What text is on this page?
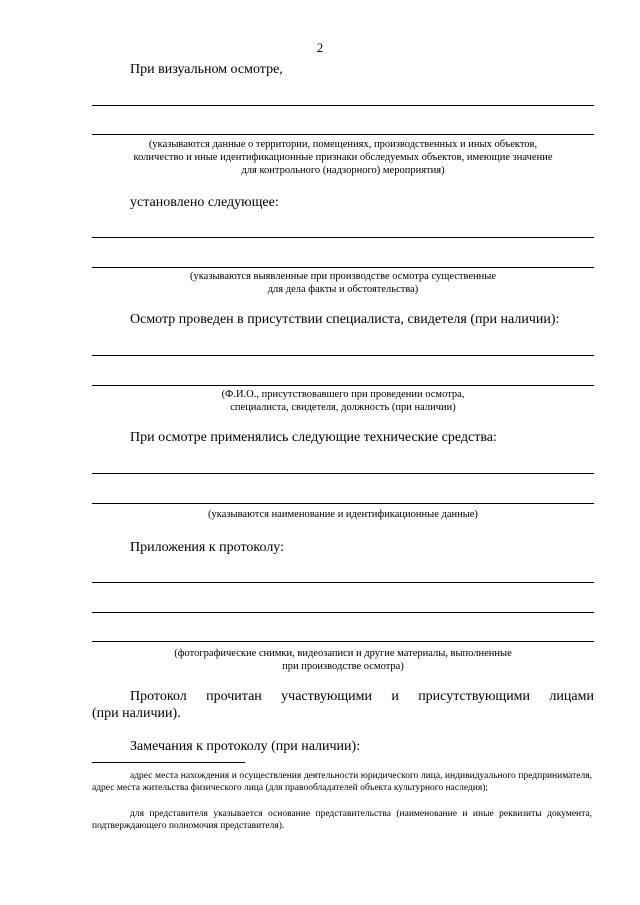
2
При визуальном осмотре,
(указываются данные о территории, помещениях, производственных и иных объектов,
количество и иные идентификационные признаки обследуемых объектов, имеющие значение
для контрольного (надзорного) мероприятия)
установлено следующее:
(указываются выявленные при производстве осмотра существенные
для дела факты и обстоятельства)
Осмотр проведен в присутствии специалиста, свидетеля (при наличии):
(Ф.И.О., присутствовавшего при проведении осмотра,
специалиста, свидетеля, должность (при наличии)
При осмотре применялись следующие технические средства:
(указываются наименование и идентификационные данные)
Приложения к протоколу:
(фотографические снимки, видеозаписи и другие материалы, выполненные
при производстве осмотра)
Протокол прочитан участвующими и присутствующими лицами
(при наличии).
Замечания к протоколу (при наличии):
адрес места нахождения и осуществления деятельности юридического лица, индивидуального предпринимателя, адрес места жительства физического лица (для правообладателей объекта культурного наследия);
для представителя указывается основание представительства (наименование и иные реквизиты документа, подтверждающего полномочия представителя).
